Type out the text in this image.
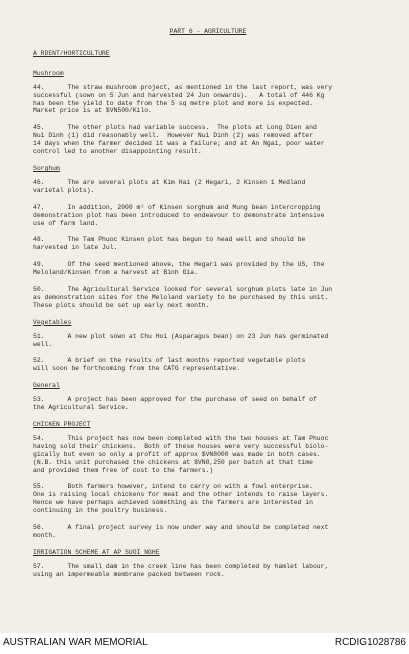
PART 6 - AGRICULTURE
A RDENT/HORTICULTURE
Mushroom
44.      The straw mushroom project, as mentioned in the last report, was very
successful (sown on 5 Jun and harvested 24 Jun onwards).   A total of 446 Kg
has been the yield to date from the 5 sq metre plot and more is expected.
Market price is at $VN500/Kilo.
45.      The other plots had variable success.  The plots at Long Dien and
Nui Dinh (1) did reasonably well.  However Nui Dinh (2) was removed after
14 days when the farmer decided it was a failure; and at An Ngai, poor water
control led to another disappointing result.
Sorghum
46.      The are several plots at Kim Hai (2 Hegari, 2 Kinsen 1 Medland
varietal plots).
47.      In addition, 2000 m² of Kinsen sorghum and Mung bean intercropping
demonstration plot has been introduced to endeavour to demonstrate intensive
use of farm land.
48.      The Tam Phuoc Kinsen plot has begun to head well and should be
harvested in late Jul.
49.      Of the seed mentioned above, the Hegari was provided by the US, the
Meloland/Kinsen from a harvest at Binh Gia.
50.      The Agricultural Service looked for several sorghum plots late in Jun
as demonstration sites for the Meloland variety to be purchased by this unit.
These plots should be set up early next month.
Vegetables
51.      A new plot sown at Chu Hoi (Asparagus bean) on 23 Jun has germinated
well.
52.      A brief on the results of last months reported vegetable plots
will soon be forthcoming from the CATG representative.
General
53.      A project has been approved for the purchase of seed on behalf of
the Agricultural Service.
CHICKEN PROJECT
54.      This project has now been completed with the two houses at Tam Phuoc
having sold their chickens.  Both of these houses were very successful biolo-
gically but even so only a profit of approx $VN8000 was made in both cases.
(N.B. this unit purchased the chickens at $VN8,250 per batch at that time
and provided them free of cost to the farmers.)
55.      Both farmers however, intend to carry on with a fowl enterprise.
One is raising local chickens for meat and the other intends to raise layers.
Hence we have perhaps achieved something as the farmers are interested in
continuing in the poultry business.
56.      A final project survey is now under way and should be completed next
month.
IRRIGATION SCHEME AT AP SUOI NGHE
57.      The small dam in the creek line has been completed by hamlet labour,
using an impermeable membrane packed between rock.
AUSTRALIAN WAR MEMORIAL	RCDIG1028786
